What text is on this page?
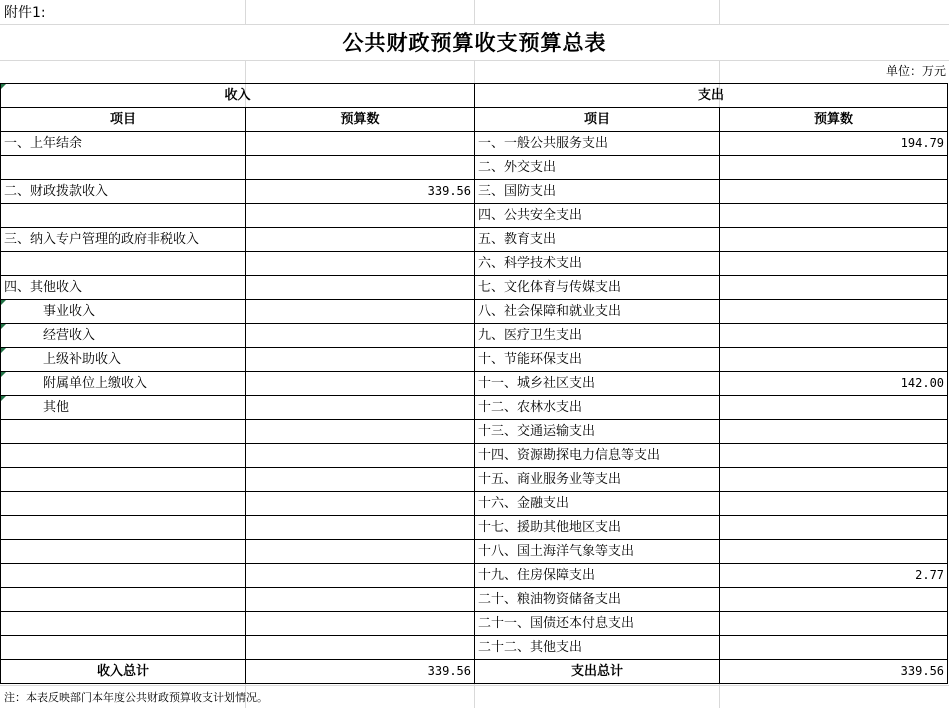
附件1:
公共财政预算收支预算总表
单位：万元
收入		支出	
项目	预算数	项目	预算数
一、上年结余		一、一般公共服务支出	194.79
		二、外交支出	
二、财政拨款收入	339.56	三、国防支出	
		四、公共安全支出	
三、纳入专户管理的政府非税收入		五、教育支出	
		六、科学技术支出	
四、其他收入		七、文化体育与传媒支出	

事业收入		八、社会保障和就业支出	

经营收入		九、医疗卫生支出	

上级补助收入		十、节能环保支出	

附属单位上缴收入		十一、城乡社区支出	142.00

其他		十二、农林水支出	
		十三、交通运输支出	
		十四、资源勘探电力信息等支出	
		十五、商业服务业等支出	
		十六、金融支出	
		十七、援助其他地区支出	
		十八、国土海洋气象等支出	
		十九、住房保障支出	2.77
		二十、粮油物资储备支出	
		二十一、国债还本付息支出	
		二十二、其他支出	
收入总计	339.56	支出总计	339.56
注：本表反映部门本年度公共财政预算收支计划情况。
